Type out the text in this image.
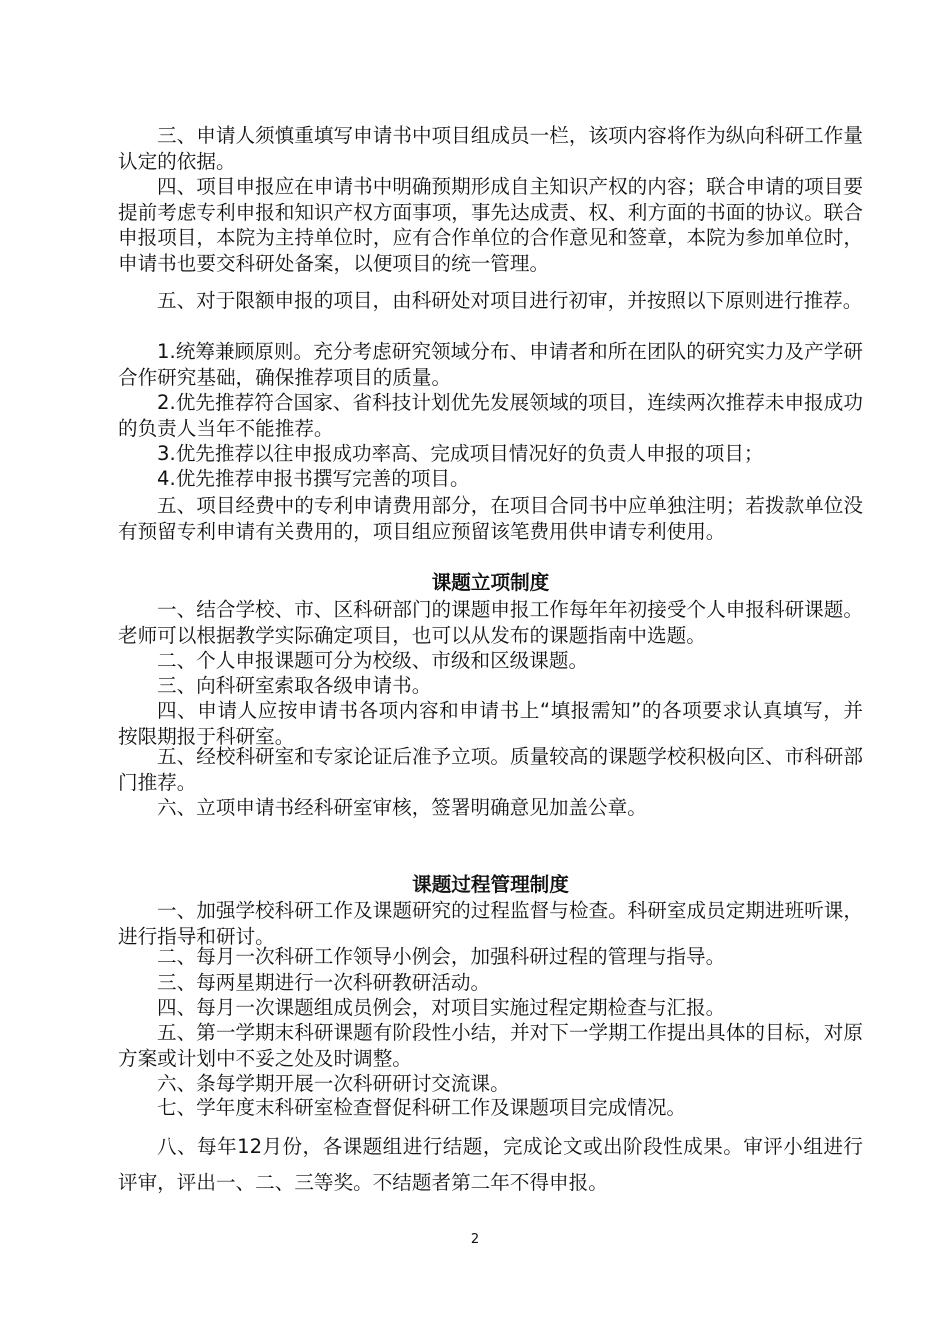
三、申请人须慎重填写申请书中项目组成员一栏，该项内容将作为纵向科研工作量认定的依据。

四、项目申报应在申请书中明确预期形成自主知识产权的内容；联合申请的项目要提前考虑专利申报和知识产权方面事项，事先达成责、权、利方面的书面的协议。联合申报项目，本院为主持单位时，应有合作单位的合作意见和签章，本院为参加单位时，申请书也要交科研处备案，以便项目的统一管理。

五、对于限额申报的项目，由科研处对项目进行初审，并按照以下原则进行推荐。

1.统筹兼顾原则。充分考虑研究领域分布、申请者和所在团队的研究实力及产学研合作研究基础，确保推荐项目的质量。

2.优先推荐符合国家、省科技计划优先发展领域的项目，连续两次推荐未申报成功的负责人当年不能推荐。

3.优先推荐以往申报成功率高、完成项目情况好的负责人申报的项目；

4.优先推荐申报书撰写完善的项目。

五、项目经费中的专利申请费用部分，在项目合同书中应单独注明；若拨款单位没有预留专利申请有关费用的，项目组应预留该笔费用供申请专利使用。

课题立项制度

一、结合学校、市、区科研部门的课题申报工作每年年初接受个人申报科研课题。老师可以根据教学实际确定项目，也可以从发布的课题指南中选题。

二、个人申报课题可分为校级、市级和区级课题。

三、向科研室索取各级申请书。

四、申请人应按申请书各项内容和申请书上“填报需知”的各项要求认真填写，并按限期报于科研室。

五、经校科研室和专家论证后准予立项。质量较高的课题学校积极向区、市科研部门推荐。

六、立项申请书经科研室审核，签署明确意见加盖公章。

课题过程管理制度

一、加强学校科研工作及课题研究的过程监督与检查。科研室成员定期进班听课，进行指导和研讨。

二、每月一次科研工作领导小例会，加强科研过程的管理与指导。

三、每两星期进行一次科研教研活动。

四、每月一次课题组成员例会，对项目实施过程定期检查与汇报。

五、第一学期末科研课题有阶段性小结，并对下一学期工作提出具体的目标，对原方案或计划中不妥之处及时调整。

六、条每学期开展一次科研研讨交流课。

七、学年度末科研室检查督促科研工作及课题项目完成情况。

八、每年12月份，各课题组进行结题，完成论文或出阶段性成果。审评小组进行评审，评出一、二、三等奖。不结题者第二年不得申报。

2
